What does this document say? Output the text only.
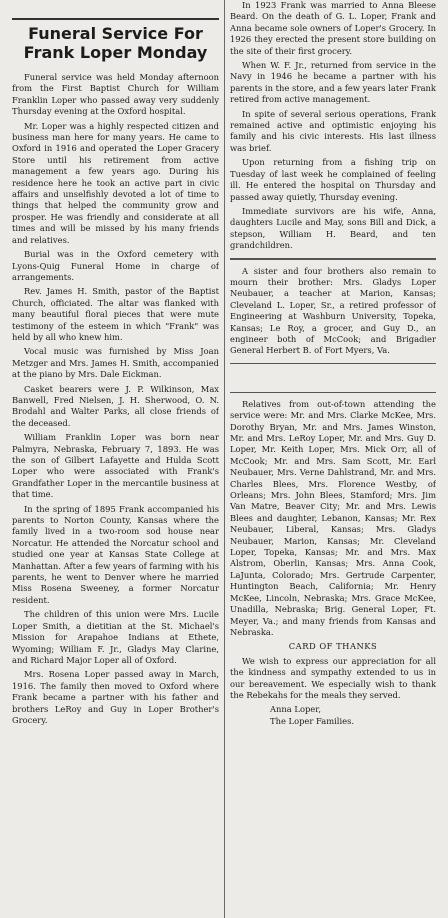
Funeral Service For Frank Loper Monday

Funeral service was held Monday afternoon from the First Baptist Church for William Franklin Loper who passed away very suddenly Thursday evening at the Oxford hospital.

Mr. Loper was a highly respected citizen and business man here for many years. He came to Oxford in 1916 and operated the Loper Gracery Store until his retirement from active management a few years ago. During his residence here he took an active part in civic affairs and unselfishly devoted a lot of time to things that helped the community grow and prosper. He was friendly and considerate at all times and will be missed by his many friends and relatives.

Burial was in the Oxford cemetery with Lyons-Quig Funeral Home in charge of arrangements.

Rev. James H. Smith, pastor of the Baptist Church, officiated. The altar was flanked with many beautiful floral pieces that were mute testimony of the esteem in which "Frank" was held by all who knew him.

Vocal music was furnished by Miss Joan Metzger and Mrs. James H. Smith, accompanied at the piano by Mrs. Dale Eickman.

Casket bearers were J. P. Wilkinson, Max Banwell, Fred Nielsen, J. H. Sherwood, O. N. Brodahl and Walter Parks, all close friends of the deceased.

William Franklin Loper was born near Palmyra, Nebraska, February 7, 1893. He was the son of Gilbert Lafayette and Hulda Scott Loper who were associated with Frank's Grandfather Loper in the mercantile business at that time.

In the spring of 1895 Frank accompanied his parents to Norton County, Kansas where the family lived in a two-room sod house near Norcatur. He attended the Norcatur school and studied one year at Kansas State College at Manhattan. After a few years of farming with his parents, he went to Denver where he married Miss Rosena Sweeney, a former Norcatur resident.

The children of this union were Mrs. Lucile Loper Smith, a dietitian at the St. Michael's Mission for Arapahoe Indians at Ethete, Wyoming; William F. Jr., Gladys May Clarine, and Richard Major Loper all of Oxford.

Mrs. Rosena Loper passed away in March, 1916. The family then moved to Oxford where Frank became a partner with his father and brothers LeRoy and Guy in Loper Brother's Grocery.

In 1923 Frank was married to Anna Bleese Beard. On the death of G. L. Loper, Frank and Anna became sole owners of Loper's Grocery. In 1926 they erected the present store building on the site of their first grocery.

When W. F. Jr., returned from service in the Navy in 1946 he became a partner with his parents in the store, and a few years later Frank retired from active management.

In spite of several serious operations, Frank remained active and optimistic enjoying his family and his civic interests. His last illness was brief.

Upon returning from a fishing trip on Tuesday of last week he complained of feeling ill. He entered the hospital on Thursday and passed away quietly, Thursday evening.

Immediate survivors are his wife, Anna, daughters Lucile and May, sons Bill and Dick, a stepson, William H. Beard, and ten grandchildren.

A sister and four brothers also remain to mourn their brother: Mrs. Gladys Loper Neubauer, a teacher at Marion, Kansas; Cleveland L. Loper, Sr., a retired professor of Engineering at Washburn University, Topeka, Kansas; Le Roy, a grocer, and Guy D., an engineer both of McCook; and Brigadier General Herbert B. of Fort Myers, Va.

Relatives from out-of-town attending the service were: Mr. and Mrs. Clarke McKee, Mrs. Dorothy Bryan, Mr. and Mrs. James Winston, Mr. and Mrs. LeRoy Loper, Mr. and Mrs. Guy D. Loper, Mr. Keith Loper, Mrs. Mick Orr, all of McCook; Mr. and Mrs. Sam Scott, Mr. Earl Neubauer, Mrs. Verne Dahlstrand, Mr. and Mrs. Charles Blees, Mrs. Florence Westby, of Orleans; Mrs. John Blees, Stamford; Mrs. Jim Van Matre, Beaver City; Mr. and Mrs. Lewis Blees and daughter, Lebanon, Kansas; Mr. Rex Neubauer, Liberal, Kansas; Mrs. Gladys Neubauer, Marion, Kansas; Mr. Cleveland Loper, Topeka, Kansas; Mr. and Mrs. Max Alstrom, Oberlin, Kansas; Mrs. Anna Cook, LaJunta, Colorado; Mrs. Gertrude Carpenter, Huntington Beach, California; Mr. Henry McKee, Lincoln, Nebraska; Mrs. Grace McKee, Unadilla, Nebraska; Brig. General Loper, Ft. Meyer, Va.; and many friends from Kansas and Nebraska.

CARD OF THANKS

We wish to express our appreciation for all the kindness and sympathy extended to us in our bereavement. We especially wish to thank the Rebekahs for the meals they served.

Anna Loper,

The Loper Families.
